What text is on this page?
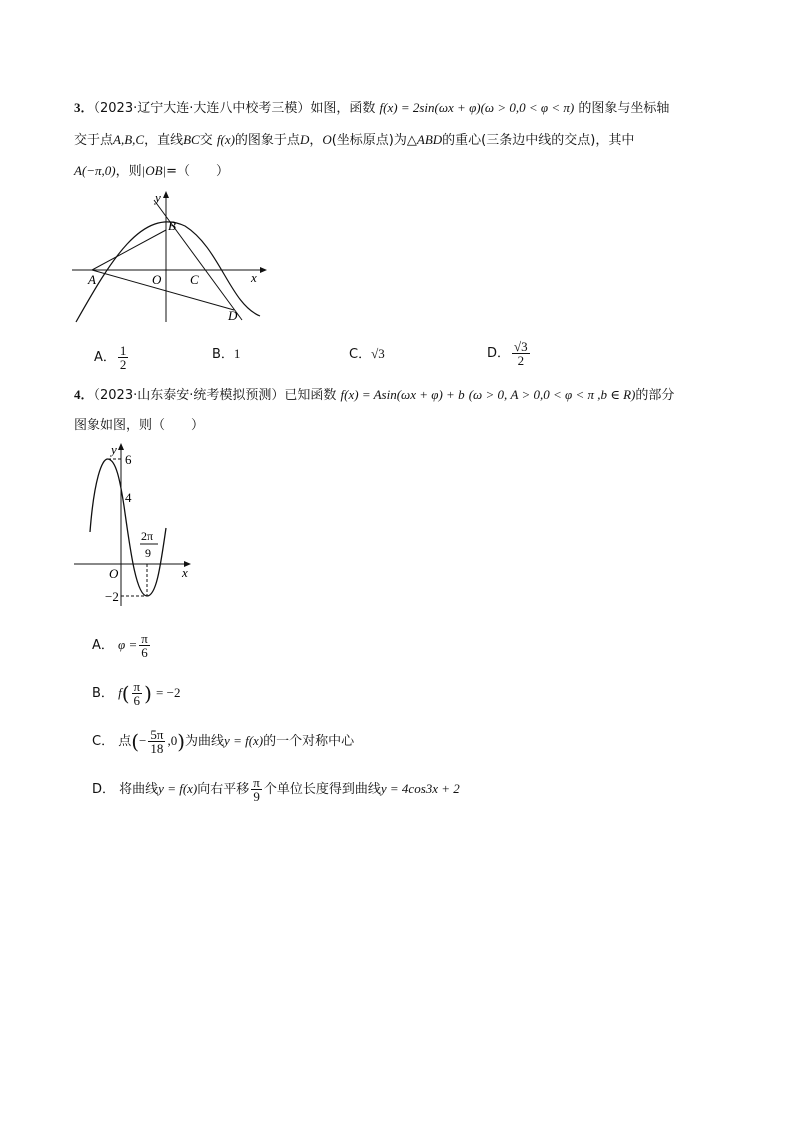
3．（2023·辽宁大连·大连八中校考三模）如图，函数 f(x) = 2sin(ωx + φ)(ω > 0,0 < φ < π) 的图象与坐标轴
交于点A,B,C，直线BC交 f(x)的图象于点D，O(坐标原点)为△ABD的重心(三条边中线的交点)，其中
A(−π,0)，则|OB|=（　　）
y
x
B
O C
A
D
A． $\frac{1}{2}$	B．1	C．√3	D． $\frac{√3}{2}$
4．（2023·山东泰安·统考模拟预测）已知函数 f(x) = Asin(ωx + φ) + b (ω > 0, A > 0,0 < φ < π ,b ∈ R)的部分
图象如图，则（　　）
y
x
O
6
4
−2
2π
9
A． $\varphi = \frac{\pi}{6}$
B． $f( \frac{\pi}{6}$ ) = −2
C． 点(− $\frac{5\pi}{18} ,0$)为曲线y = f(x)的一个对称中心
D． 将曲线y = f(x)向右平移 $\frac{\pi}{9}$ 个单位长度得到曲线y = 4cos3x + 2
